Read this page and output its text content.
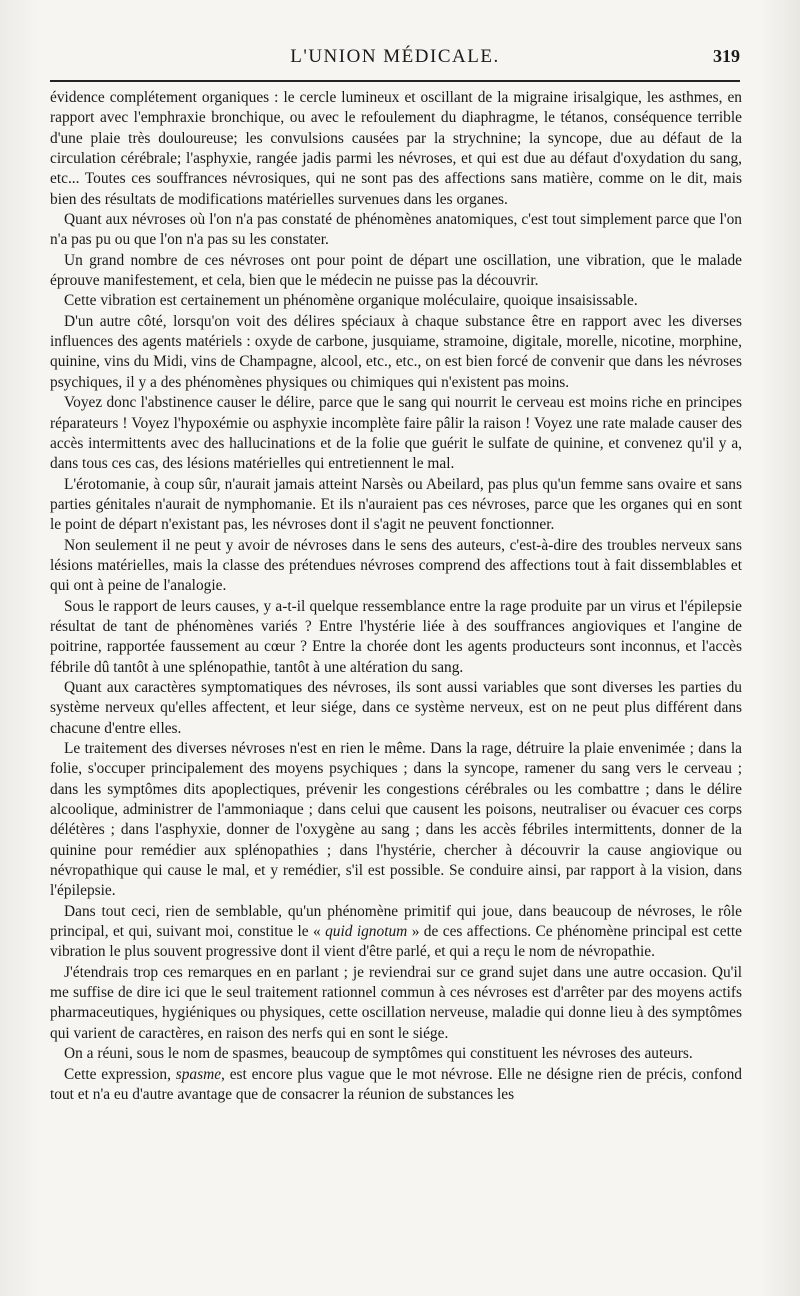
L'UNION MÉDICALE.	319

évidence complétement organiques : le cercle lumineux et oscillant de la migraine irisalgique, les asthmes, en rapport avec l'emphraxie bronchique, ou avec le refoulement du diaphragme, le tétanos, conséquence terrible d'une plaie très douloureuse; les convulsions causées par la strychnine; la syncope, due au défaut de la circulation cérébrale; l'asphyxie, rangée jadis parmi les névroses, et qui est due au défaut d'oxydation du sang, etc... Toutes ces souffrances névrosiques, qui ne sont pas des affections sans matière, comme on le dit, mais bien des résultats de modifications matérielles survenues dans les organes.

Quant aux névroses où l'on n'a pas constaté de phénomènes anatomiques, c'est tout simplement parce que l'on n'a pas pu ou que l'on n'a pas su les constater.

Un grand nombre de ces névroses ont pour point de départ une oscillation, une vibration, que le malade éprouve manifestement, et cela, bien que le médecin ne puisse pas la découvrir.

Cette vibration est certainement un phénomène organique moléculaire, quoique insaisissable.

D'un autre côté, lorsqu'on voit des délires spéciaux à chaque substance être en rapport avec les diverses influences des agents matériels : oxyde de carbone, jusquiame, stramoine, digitale, morelle, nicotine, morphine, quinine, vins du Midi, vins de Champagne, alcool, etc., etc., on est bien forcé de convenir que dans les névroses psychiques, il y a des phénomènes physiques ou chimiques qui n'existent pas moins.

Voyez donc l'abstinence causer le délire, parce que le sang qui nourrit le cerveau est moins riche en principes réparateurs ! Voyez l'hypoxémie ou asphyxie incomplète faire pâlir la raison ! Voyez une rate malade causer des accès intermittents avec des hallucinations et de la folie que guérit le sulfate de quinine, et convenez qu'il y a, dans tous ces cas, des lésions matérielles qui entretiennent le mal.

L'érotomanie, à coup sûr, n'aurait jamais atteint Narsès ou Abeilard, pas plus qu'un femme sans ovaire et sans parties génitales n'aurait de nymphomanie. Et ils n'auraient pas ces névroses, parce que les organes qui en sont le point de départ n'existant pas, les névroses dont il s'agit ne peuvent fonctionner.

Non seulement il ne peut y avoir de névroses dans le sens des auteurs, c'est-à-dire des troubles nerveux sans lésions matérielles, mais la classe des prétendues névroses comprend des affections tout à fait dissemblables et qui ont à peine de l'analogie.

Sous le rapport de leurs causes, y a-t-il quelque ressemblance entre la rage produite par un virus et l'épilepsie résultat de tant de phénomènes variés ? Entre l'hystérie liée à des souffrances angioviques et l'angine de poitrine, rapportée faussement au cœur ? Entre la chorée dont les agents producteurs sont inconnus, et l'accès fébrile dû tantôt à une splénopathie, tantôt à une altération du sang.

Quant aux caractères symptomatiques des névroses, ils sont aussi variables que sont diverses les parties du système nerveux qu'elles affectent, et leur siége, dans ce système nerveux, est on ne peut plus différent dans chacune d'entre elles.

Le traitement des diverses névroses n'est en rien le même. Dans la rage, détruire la plaie envenimée ; dans la folie, s'occuper principalement des moyens psychiques ; dans la syncope, ramener du sang vers le cerveau ; dans les symptômes dits apoplectiques, prévenir les congestions cérébrales ou les combattre ; dans le délire alcoolique, administrer de l'ammoniaque ; dans celui que causent les poisons, neutraliser ou évacuer ces corps délétères ; dans l'asphyxie, donner de l'oxygène au sang ; dans les accès fébriles intermittents, donner de la quinine pour remédier aux splénopathies ; dans l'hystérie, chercher à découvrir la cause angiovique ou névropathique qui cause le mal, et y remédier, s'il est possible. Se conduire ainsi, par rapport à la vision, dans l'épilepsie.

Dans tout ceci, rien de semblable, qu'un phénomène primitif qui joue, dans beaucoup de névroses, le rôle principal, et qui, suivant moi, constitue le « quid ignotum » de ces affections. Ce phénomène principal est cette vibration le plus souvent progressive dont il vient d'être parlé, et qui a reçu le nom de névropathie.

J'étendrais trop ces remarques en en parlant ; je reviendrai sur ce grand sujet dans une autre occasion. Qu'il me suffise de dire ici que le seul traitement rationnel commun à ces névroses est d'arrêter par des moyens actifs pharmaceutiques, hygiéniques ou physiques, cette oscillation nerveuse, maladie qui donne lieu à des symptômes qui varient de caractères, en raison des nerfs qui en sont le siége.

On a réuni, sous le nom de spasmes, beaucoup de symptômes qui constituent les névroses des auteurs.

Cette expression, spasme, est encore plus vague que le mot névrose. Elle ne désigne rien de précis, confond tout et n'a eu d'autre avantage que de consacrer la réunion de substances les
